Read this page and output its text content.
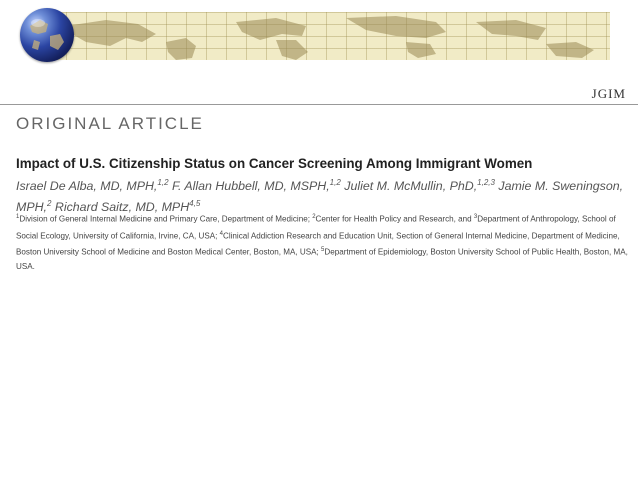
JGIM
ORIGINAL ARTICLE
Impact of U.S. Citizenship Status on Cancer Screening Among Immigrant Women
Israel De Alba, MD, MPH,$^{1,2}$ F. Allan Hubbell, MD, MSPH,$^{1,2}$ Juliet M. McMullin, PhD,$^{1,2,3}$ Jamie M. Sweningson, MPH,$^2$ Richard Saitz, MD, MPH$^{4,5}$
$^1$Division of General Internal Medicine and Primary Care, Department of Medicine; $^2$Center for Health Policy and Research, and $^3$Department of Anthropology, School of Social Ecology, University of California, Irvine, CA, USA; $^4$Clinical Addiction Research and Education Unit, Section of General Internal Medicine, Department of Medicine, Boston University School of Medicine and Boston Medical Center, Boston, MA, USA; $^5$Department of Epidemiology, Boston University School of Public Health, Boston, MA, USA.
